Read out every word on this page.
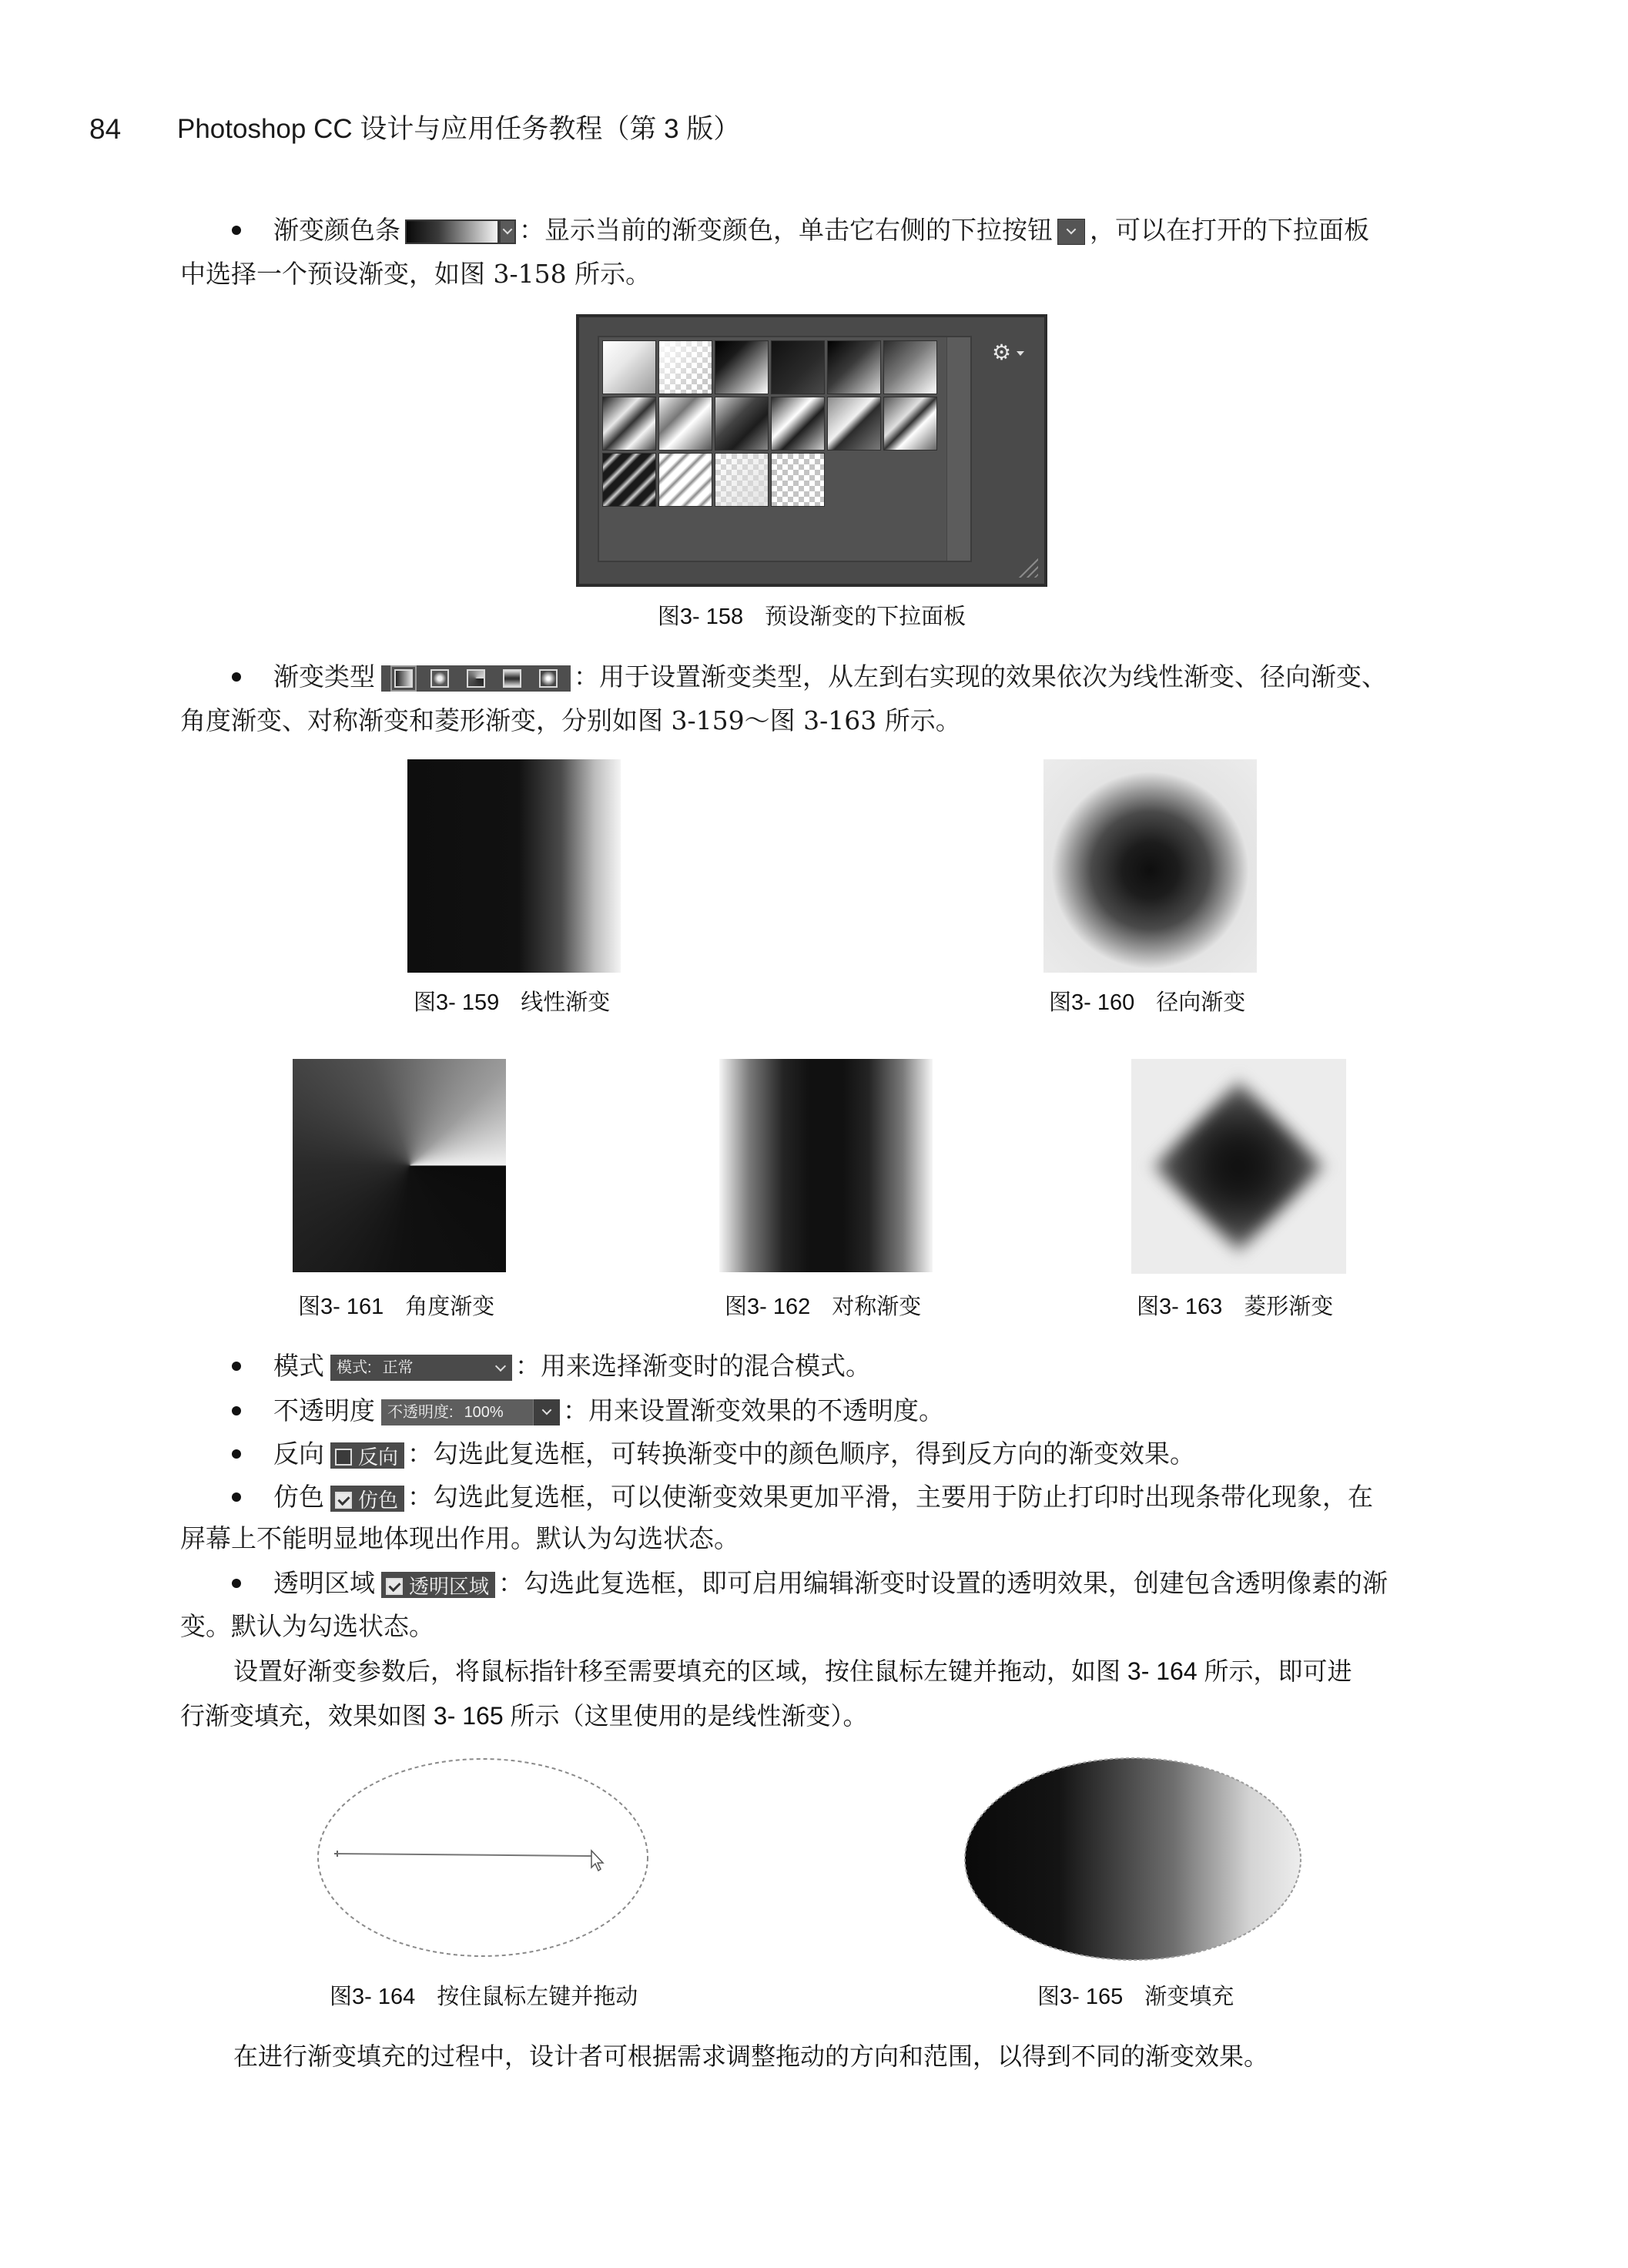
84 Photoshop CC 设计与应用任务教程（第 3 版）
渐变颜色条	：显示当前的渐变颜色，单击它右侧的下拉按钮 ，可以在打开的下拉面板
中选择一个预设渐变，如图 3-158 所示。
⚙
图3- 158 预设渐变的下拉面板
渐变类型	：用于设置渐变类型，从左到右实现的效果依次为线性渐变、径向渐变、
角度渐变、对称渐变和菱形渐变，分别如图 3-159～图 3-163 所示。
图3- 159 线性渐变	图3- 160 径向渐变
图3- 161 角度渐变	图3- 162 对称渐变	图3- 163 菱形渐变
模式 模式: 正常	：用来选择渐变时的混合模式。
不透明度 不透明度: 100% ：用来设置渐变效果的不透明度。
反向 反向 ：勾选此复选框，可转换渐变中的颜色顺序，得到反方向的渐变效果。
仿色 仿色 ：勾选此复选框，可以使渐变效果更加平滑，主要用于防止打印时出现条带化现象，在
屏幕上不能明显地体现出作用。默认为勾选状态。
透明区域 透明区域 ：勾选此复选框，即可启用编辑渐变时设置的透明效果，创建包含透明像素的渐
变。默认为勾选状态。
设置好渐变参数后，将鼠标指针移至需要填充的区域，按住鼠标左键并拖动，如图 3- 164 所示，即可进
行渐变填充，效果如图 3- 165 所示（这里使用的是线性渐变）。
图3- 164 按住鼠标左键并拖动	图3- 165 渐变填充
在进行渐变填充的过程中，设计者可根据需求调整拖动的方向和范围，以得到不同的渐变效果。
